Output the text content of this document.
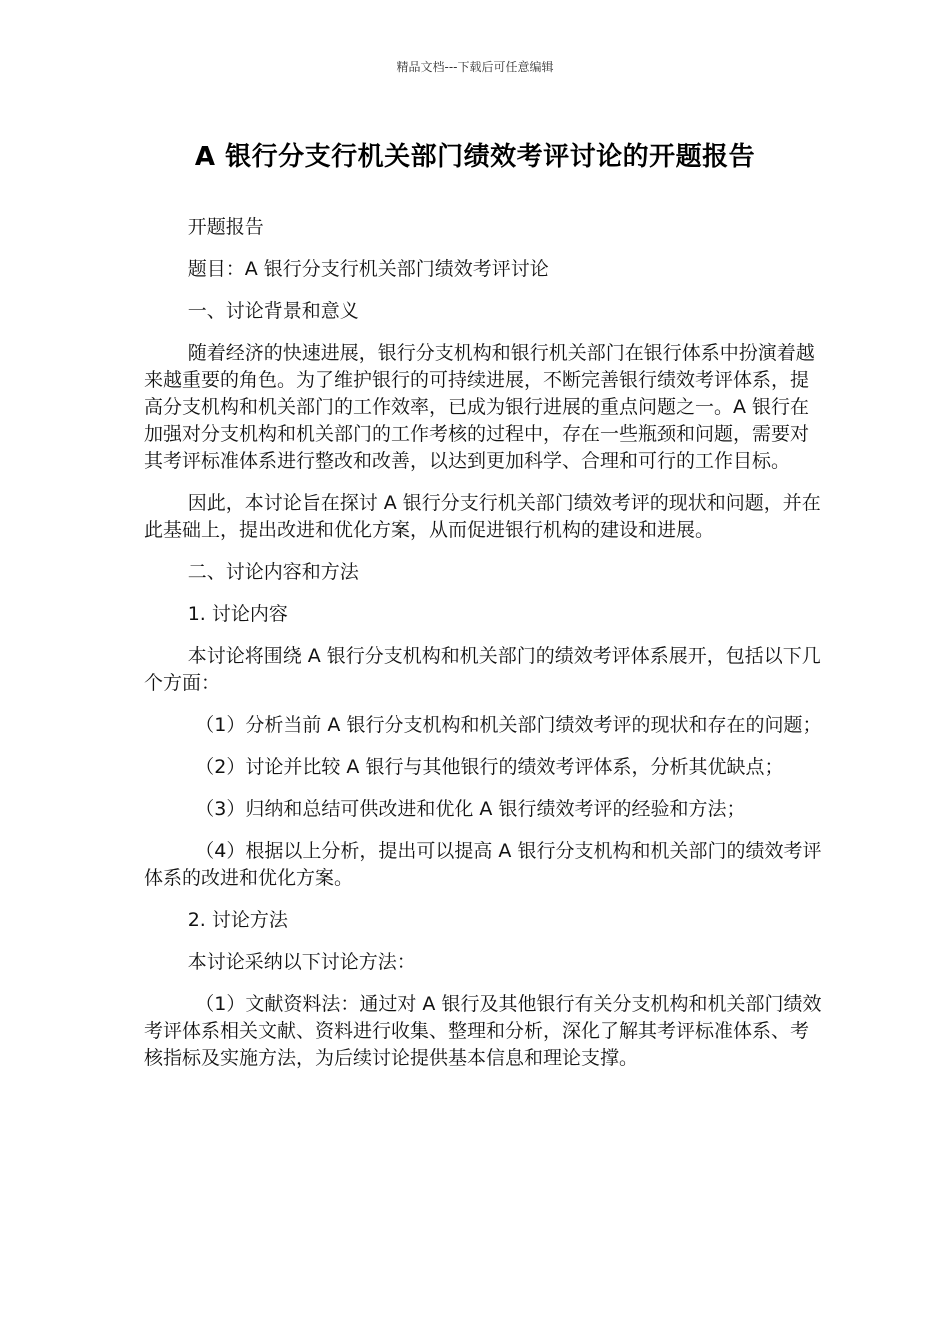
精品文档---下载后可任意编辑
A 银行分支行机关部门绩效考评讨论的开题报告

开题报告

题目：A 银行分支行机关部门绩效考评讨论

一、讨论背景和意义

随着经济的快速进展，银行分支机构和银行机关部门在银行体系中扮演着越来越重要的角色。为了维护银行的可持续进展，不断完善银行绩效考评体系，提高分支机构和机关部门的工作效率，已成为银行进展的重点问题之一。A 银行在加强对分支机构和机关部门的工作考核的过程中，存在一些瓶颈和问题，需要对其考评标准体系进行整改和改善，以达到更加科学、合理和可行的工作目标。

因此，本讨论旨在探讨 A 银行分支行机关部门绩效考评的现状和问题，并在此基础上，提出改进和优化方案，从而促进银行机构的建设和进展。

二、讨论内容和方法

1. 讨论内容

本讨论将围绕 A 银行分支机构和机关部门的绩效考评体系展开，包括以下几个方面：

（1）分析当前 A 银行分支机构和机关部门绩效考评的现状和存在的问题；

（2）讨论并比较 A 银行与其他银行的绩效考评体系，分析其优缺点；

（3）归纳和总结可供改进和优化 A 银行绩效考评的经验和方法；

（4）根据以上分析，提出可以提高 A 银行分支机构和机关部门的绩效考评体系的改进和优化方案。

2. 讨论方法

本讨论采纳以下讨论方法：

（1）文献资料法：通过对 A 银行及其他银行有关分支机构和机关部门绩效考评体系相关文献、资料进行收集、整理和分析，深化了解其考评标准体系、考核指标及实施方法，为后续讨论提供基本信息和理论支撑。
